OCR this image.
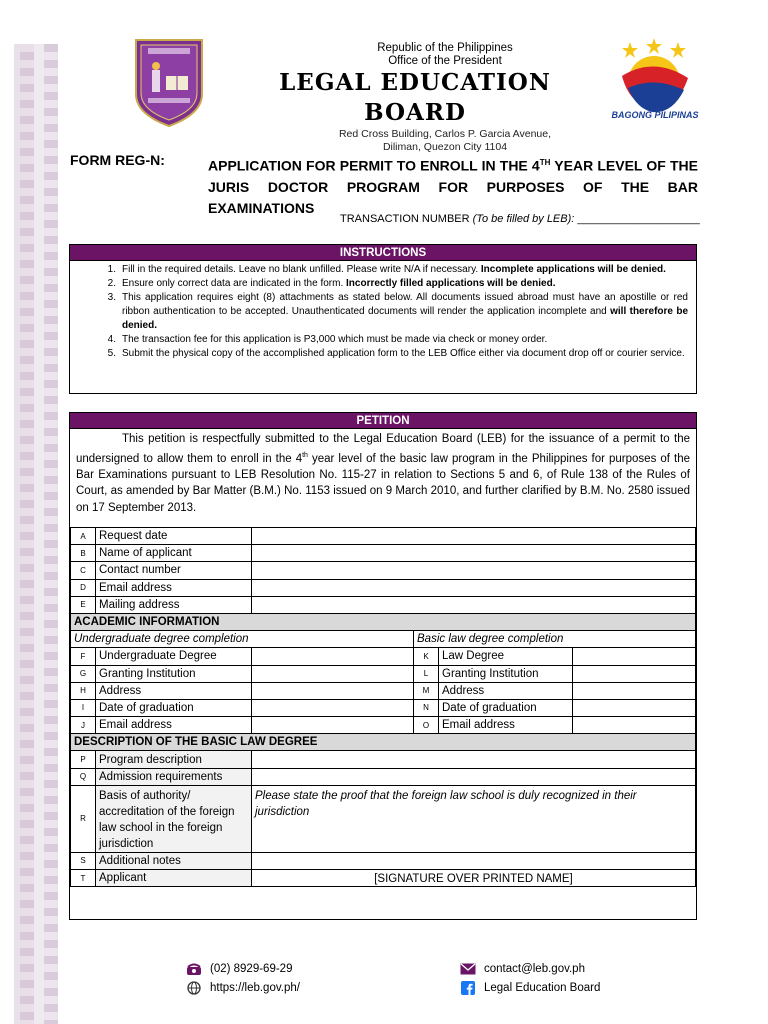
Republic of the Philippines
Office of the President
LEGAL EDUCATION BOARD
Red Cross Building, Carlos P. Garcia Avenue,
Diliman, Quezon City 1104
BAGONG PILIPINAS
FORM REG-N:	APPLICATION FOR PERMIT TO ENROLL IN THE 4TH YEAR LEVEL OF THE JURIS DOCTOR PROGRAM FOR PURPOSES OF THE BAR EXAMINATIONS
TRANSACTION NUMBER (To be filled by LEB): ____________________
INSTRUCTIONS
1. Fill in the required details. Leave no blank unfilled. Please write N/A if necessary. Incomplete applications will be denied.
2. Ensure only correct data are indicated in the form. Incorrectly filled applications will be denied.
3. This application requires eight (8) attachments as stated below. All documents issued abroad must have an apostille or red ribbon authentication to be accepted. Unauthenticated documents will render the application incomplete and will therefore be denied.
4. The transaction fee for this application is P3,000 which must be made via check or money order.
5. Submit the physical copy of the accomplished application form to the LEB Office either via document drop off or courier service.
PETITION
This petition is respectfully submitted to the Legal Education Board (LEB) for the issuance of a permit to the undersigned to allow them to enroll in the 4th year level of the basic law program in the Philippines for purposes of the Bar Examinations pursuant to LEB Resolution No. 115-27 in relation to Sections 5 and 6, of Rule 138 of the Rules of Court, as amended by Bar Matter (B.M.) No. 1153 issued on 9 March 2010, and further clarified by B.M. No. 2580 issued on 17 September 2013.
A	Request date				
B	Name of applicant				
C	Contact number				
D	Email address				
E	Mailing address				
ACADEMIC INFORMATION					
Undergraduate degree completion			Basic law degree completion		
F	Undergraduate Degree		K	Law Degree	
G	Granting Institution		L	Granting Institution	
H	Address		M	Address	
I	Date of graduation		N	Date of graduation	
J	Email address		O	Email address	
DESCRIPTION OF THE BASIC LAW DEGREE					
P	Program description				
Q	Admission requirements				
R	Basis of authority/ accreditation of the foreign law school in the foreign jurisdiction	Please state the proof that the foreign law school is duly recognized in their jurisdiction			
S	Additional notes				
T	Applicant	[SIGNATURE OVER PRINTED NAME]			
(02) 8929-69-29
https://leb.gov.ph/
contact@leb.gov.ph
Legal Education Board
